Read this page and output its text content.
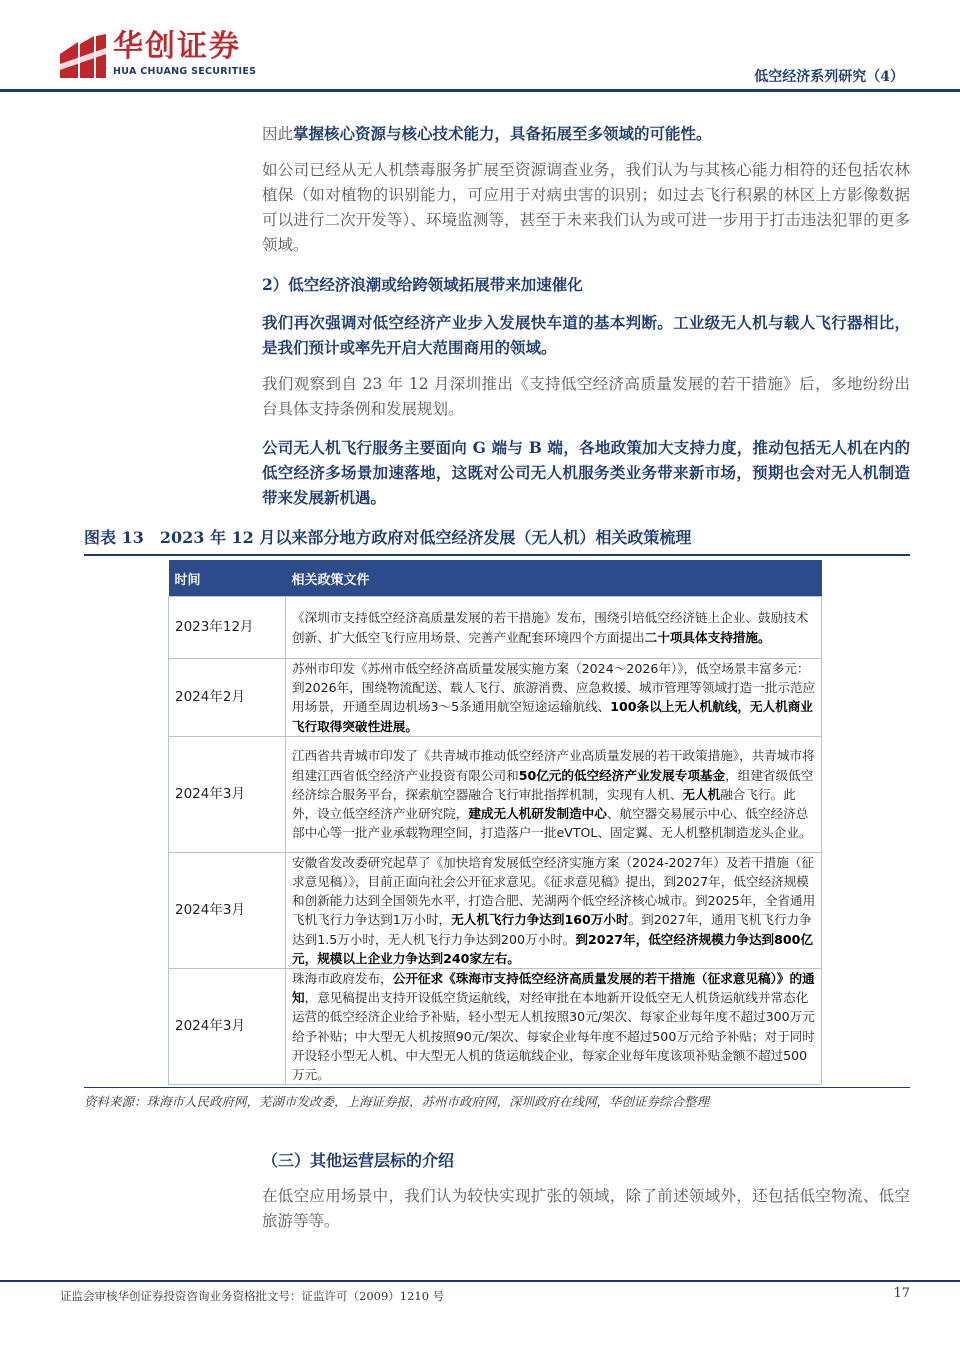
华创证券
HUA CHUANG SECURITIES	低空经济系列研究（4）

因此掌握核心资源与核心技术能力，具备拓展至多领域的可能性。

如公司已经从无人机禁毒服务扩展至资源调查业务，我们认为与其核心能力相符的还包括农林植保（如对植物的识别能力，可应用于对病虫害的识别；如过去飞行积累的林区上方影像数据可以进行二次开发等）、环境监测等，甚至于未来我们认为或可进一步用于打击违法犯罪的更多领域。

2）低空经济浪潮或给跨领域拓展带来加速催化

我们再次强调对低空经济产业步入发展快车道的基本判断。工业级无人机与载人飞行器相比，是我们预计或率先开启大范围商用的领域。

我们观察到自 23 年 12 月深圳推出《支持低空经济高质量发展的若干措施》后，多地纷纷出台具体支持条例和发展规划。

公司无人机飞行服务主要面向 G 端与 B 端，各地政策加大支持力度，推动包括无人机在内的低空经济多场景加速落地，这既对公司无人机服务类业务带来新市场，预期也会对无人机制造带来发展新机遇。

图表 13　2023 年 12 月以来部分地方政府对低空经济发展（无人机）相关政策梳理
时间	相关政策文件
2023年12月	《深圳市支持低空经济高质量发展的若干措施》发布，围绕引培低空经济链上企业、鼓励技术创新、扩大低空飞行应用场景、完善产业配套环境四个方面提出二十项具体支持措施。
2024年2月	苏州市印发《苏州市低空经济高质量发展实施方案（2024～2026年）》，低空场景丰富多元：到2026年，围绕物流配送、载人飞行、旅游消费、应急救援、城市管理等领域打造一批示范应用场景，开通至周边机场3～5条通用航空短途运输航线、100条以上无人机航线，无人机商业飞行取得突破性进展。
2024年3月	江西省共青城市印发了《共青城市推动低空经济产业高质量发展的若干政策措施》，共青城市将组建江西省低空经济产业投资有限公司和50亿元的低空经济产业发展专项基金，组建省级低空经济综合服务平台，探索航空器融合飞行审批指挥机制，实现有人机、无人机融合飞行。此外，设立低空经济产业研究院，建成无人机研发制造中心、航空器交易展示中心、低空经济总部中心等一批产业承载物理空间，打造落户一批eVTOL、固定翼、无人机整机制造龙头企业。
2024年3月	安徽省发改委研究起草了《加快培育发展低空经济实施方案（2024-2027年）及若干措施（征求意见稿）》，目前正面向社会公开征求意见。《征求意见稿》提出，到2027年，低空经济规模和创新能力达到全国领先水平，打造合肥、芜湖两个低空经济核心城市。到2025年，全省通用飞机飞行力争达到1万小时，无人机飞行力争达到160万小时。到2027年，通用飞机飞行力争达到1.5万小时，无人机飞行力争达到200万小时。到2027年，低空经济规模力争达到800亿元，规模以上企业力争达到240家左右。
2024年3月	珠海市政府发布，公开征求《珠海市支持低空经济高质量发展的若干措施（征求意见稿）》的通知，意见稿提出支持开设低空货运航线，对经审批在本地新开设低空无人机货运航线并常态化运营的低空经济企业给予补贴，轻小型无人机按照30元/架次、每家企业每年度不超过300万元给予补贴；中大型无人机按照90元/架次、每家企业每年度不超过500万元给予补贴；对于同时开设轻小型无人机、中大型无人机的货运航线企业，每家企业每年度该项补贴金额不超过500万元。
资料来源：珠海市人民政府网，芜湖市发改委，上海证券报，苏州市政府网，深圳政府在线网，华创证券综合整理
（三）其他运营层标的介绍

在低空应用场景中，我们认为较快实现扩张的领域，除了前述领域外，还包括低空物流、低空旅游等等。

证监会审核华创证券投资咨询业务资格批文号：证监许可（2009）1210 号	17
